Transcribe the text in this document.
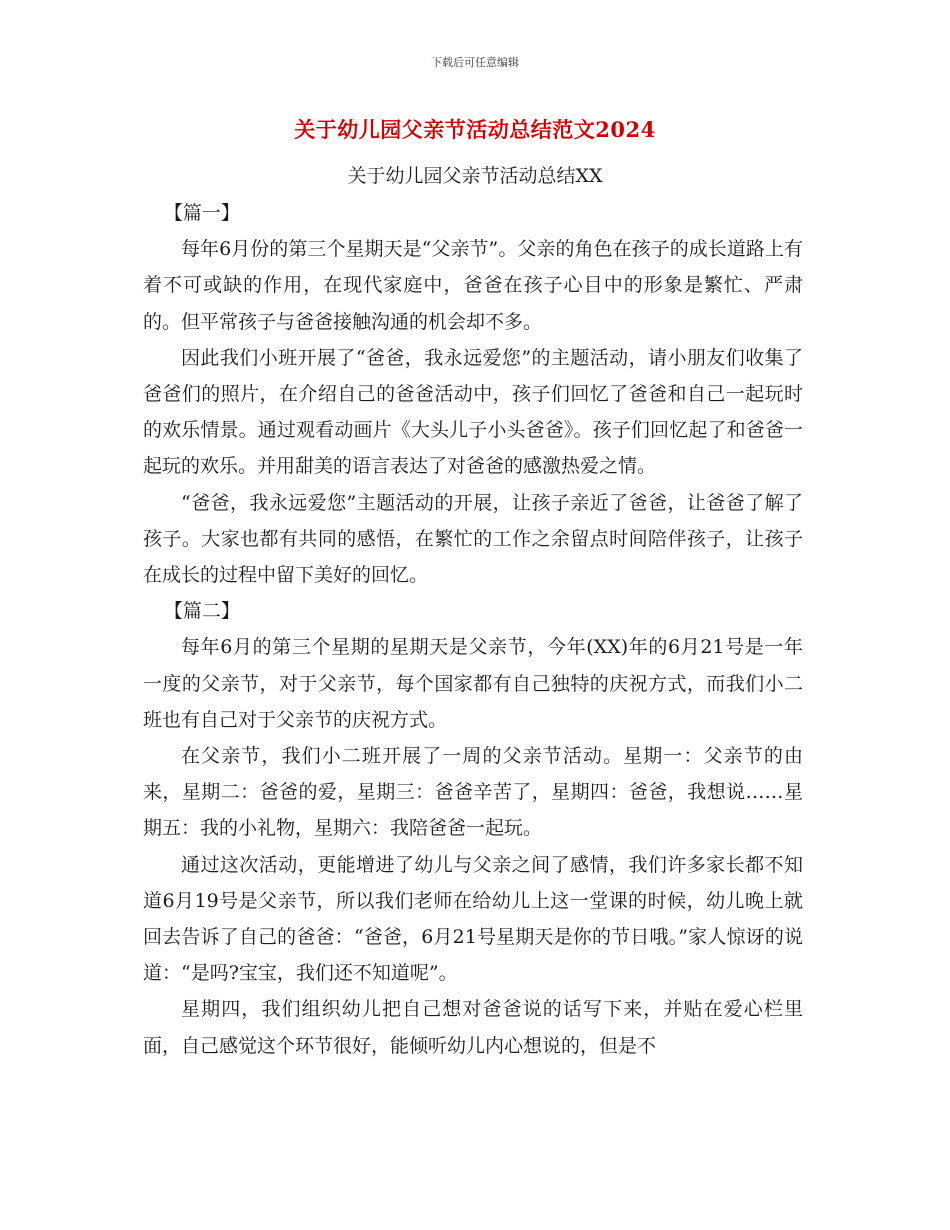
下载后可任意编辑
关于幼儿园父亲节活动总结范文2024
关于幼儿园父亲节活动总结XX

【篇一】

每年6月份的第三个星期天是“父亲节”。父亲的角色在孩子的成长道路上有着不可或缺的作用，在现代家庭中，爸爸在孩子心目中的形象是繁忙、严肃的。但平常孩子与爸爸接触沟通的机会却不多。

因此我们小班开展了“爸爸，我永远爱您”的主题活动，请小朋友们收集了爸爸们的照片，在介绍自己的爸爸活动中，孩子们回忆了爸爸和自己一起玩时的欢乐情景。通过观看动画片《大头儿子小头爸爸》。孩子们回忆起了和爸爸一起玩的欢乐。并用甜美的语言表达了对爸爸的感激热爱之情。

“爸爸，我永远爱您”主题活动的开展，让孩子亲近了爸爸，让爸爸了解了孩子。大家也都有共同的感悟，在繁忙的工作之余留点时间陪伴孩子，让孩子在成长的过程中留下美好的回忆。

【篇二】

每年6月的第三个星期的星期天是父亲节，今年(XX)年的6月21号是一年一度的父亲节，对于父亲节，每个国家都有自己独特的庆祝方式，而我们小二班也有自己对于父亲节的庆祝方式。

在父亲节，我们小二班开展了一周的父亲节活动。星期一：父亲节的由来，星期二：爸爸的爱，星期三：爸爸辛苦了，星期四：爸爸，我想说……星期五：我的小礼物，星期六：我陪爸爸一起玩。

通过这次活动，更能增进了幼儿与父亲之间了感情，我们许多家长都不知道6月19号是父亲节，所以我们老师在给幼儿上这一堂课的时候，幼儿晚上就回去告诉了自己的爸爸：“爸爸，6月21号星期天是你的节日哦。”家人惊讶的说道：“是吗?宝宝，我们还不知道呢”。

星期四，我们组织幼儿把自己想对爸爸说的话写下来，并贴在爱心栏里面，自己感觉这个环节很好，能倾听幼儿内心想说的，但是不
